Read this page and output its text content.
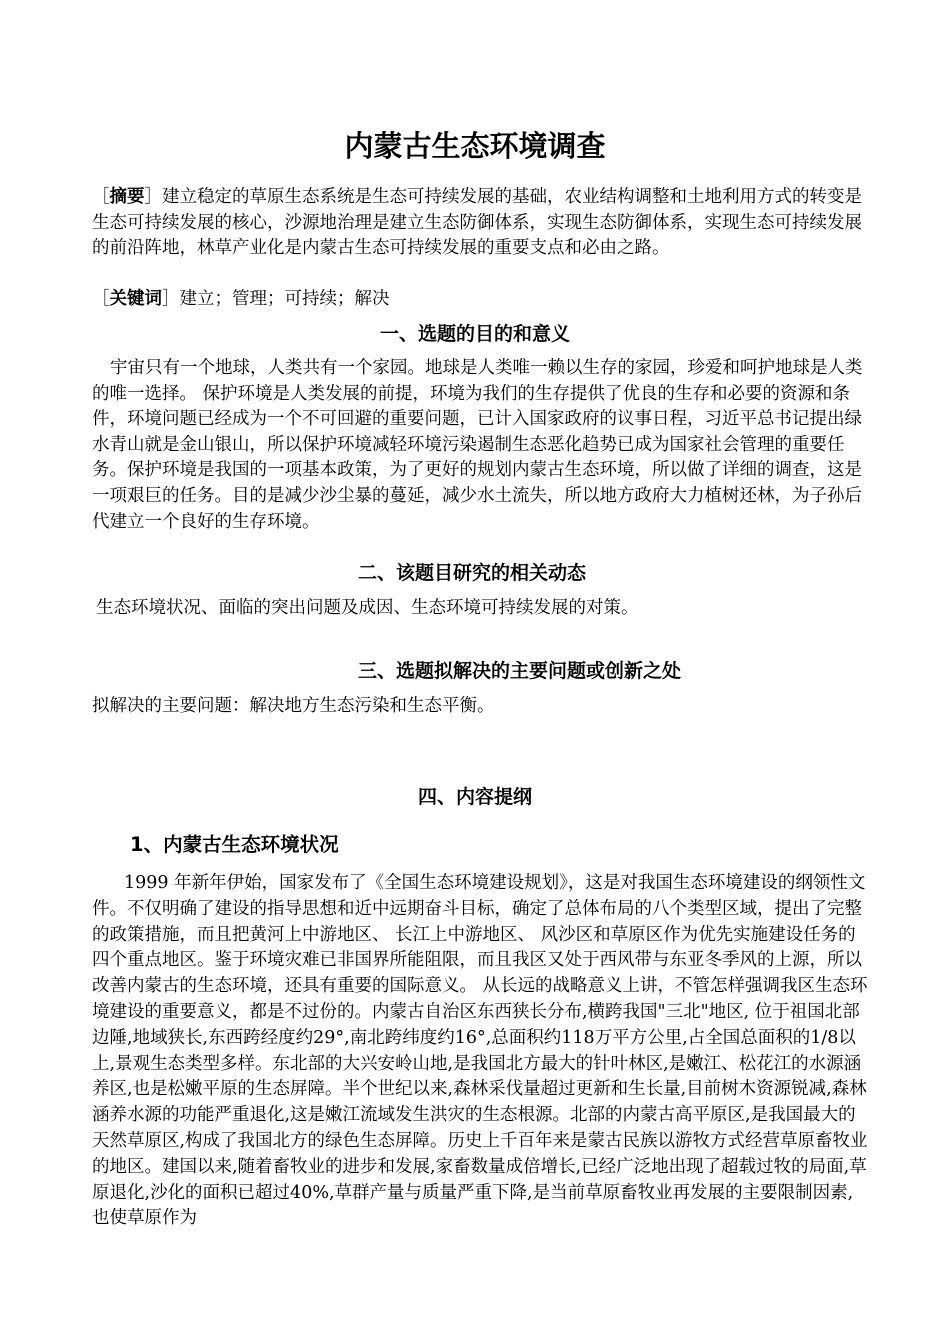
内蒙古生态环境调查

［摘要］建立稳定的草原生态系统是生态可持续发展的基础，农业结构调整和土地利用方式的转变是生态可持续发展的核心，沙源地治理是建立生态防御体系，实现生态防御体系，实现生态可持续发展的前沿阵地，林草产业化是内蒙古生态可持续发展的重要支点和必由之路。

［关键词］建立；管理；可持续；解决

一、选题的目的和意义

宇宙只有一个地球，人类共有一个家园。地球是人类唯一赖以生存的家园，珍爱和呵护地球是人类的唯一选择。 保护环境是人类发展的前提，环境为我们的生存提供了优良的生存和必要的资源和条件，环境问题已经成为一个不可回避的重要问题，已计入国家政府的议事日程，习近平总书记提出绿水青山就是金山银山，所以保护环境减轻环境污染遏制生态恶化趋势已成为国家社会管理的重要任务。保护环境是我国的一项基本政策，为了更好的规划内蒙古生态环境，所以做了详细的调查，这是一项艰巨的任务。目的是减少沙尘暴的蔓延，减少水土流失，所以地方政府大力植树还林，为子孙后代建立一个良好的生存环境。

二、该题目研究的相关动态

生态环境状况、面临的突出问题及成因、生态环境可持续发展的对策。

三、选题拟解决的主要问题或创新之处

拟解决的主要问题：解决地方生态污染和生态平衡。

四、内容提纲
1、内蒙古生态环境状况

1999 年新年伊始，国家发布了《全国生态环境建设规划》，这是对我国生态环境建设的纲领性文件。不仅明确了建设的指导思想和近中远期奋斗目标，确定了总体布局的八个类型区域，提出了完整的政策措施，而且把黄河上中游地区、 长江上中游地区、 风沙区和草原区作为优先实施建设任务的四个重点地区。鉴于环境灾难已非国界所能阻限，而且我区又处于西风带与东亚冬季风的上源，所以改善内蒙古的生态环境，还具有重要的国际意义。 从长远的战略意义上讲，不管怎样强调我区生态环境建设的重要意义，都是不过份的。内蒙古自治区东西狭长分布,横跨我国"三北"地区, 位于祖国北部边陲,地域狭长,东西跨经度约29°,南北跨纬度约16°,总面积约118万平方公里,占全国总面积的1/8以上,景观生态类型多样。东北部的大兴安岭山地,是我国北方最大的针叶林区,是嫩江、松花江的水源涵养区,也是松嫩平原的生态屏障。半个世纪以来,森林采伐量超过更新和生长量,目前树木资源锐减,森林涵养水源的功能严重退化,这是嫩江流域发生洪灾的生态根源。北部的内蒙古高平原区,是我国最大的天然草原区,构成了我国北方的绿色生态屏障。历史上千百年来是蒙古民族以游牧方式经营草原畜牧业的地区。建国以来,随着畜牧业的进步和发展,家畜数量成倍增长,已经广泛地出现了超载过牧的局面,草原退化,沙化的面积已超过40%,草群产量与质量严重下降,是当前草原畜牧业再发展的主要限制因素,也使草原作为
